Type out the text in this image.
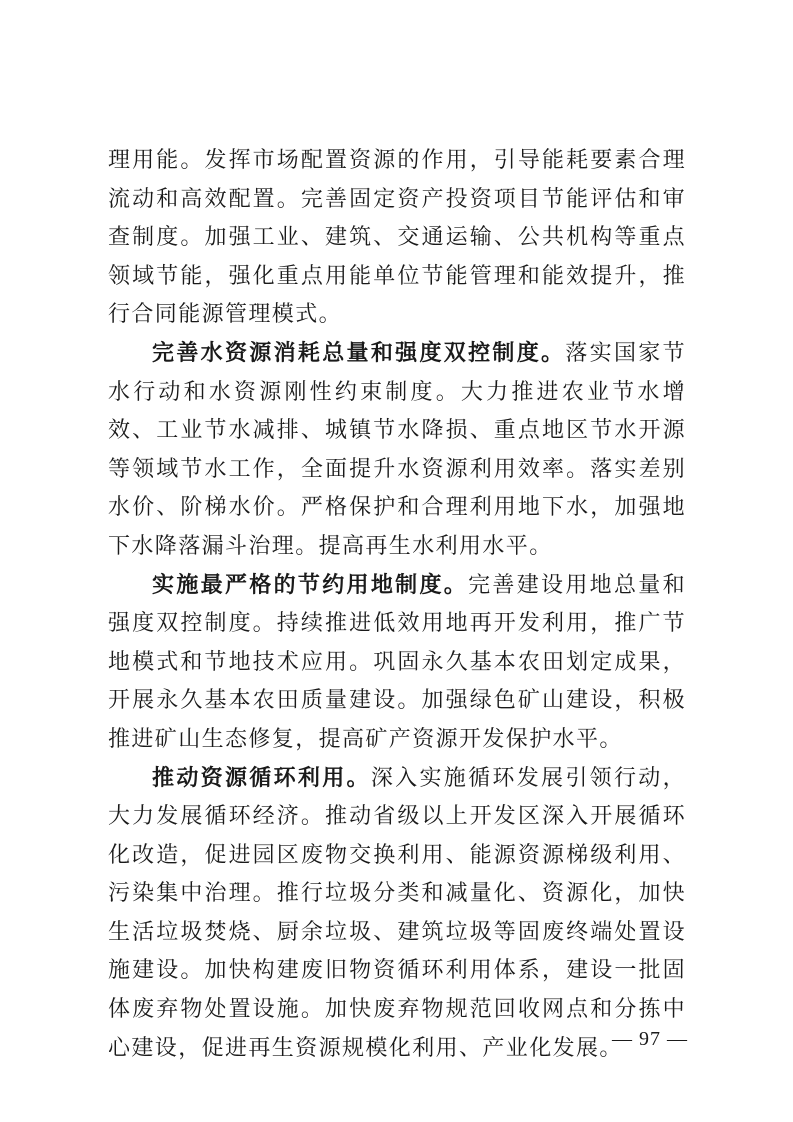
理用能。发挥市场配置资源的作用，引导能耗要素合理流动和高效配置。完善固定资产投资项目节能评估和审查制度。加强工业、建筑、交通运输、公共机构等重点领域节能，强化重点用能单位节能管理和能效提升，推行合同能源管理模式。

完善水资源消耗总量和强度双控制度。落实国家节水行动和水资源刚性约束制度。大力推进农业节水增效、工业节水减排、城镇节水降损、重点地区节水开源等领域节水工作，全面提升水资源利用效率。落实差别水价、阶梯水价。严格保护和合理利用地下水，加强地下水降落漏斗治理。提高再生水利用水平。

实施最严格的节约用地制度。完善建设用地总量和强度双控制度。持续推进低效用地再开发利用，推广节地模式和节地技术应用。巩固永久基本农田划定成果，开展永久基本农田质量建设。加强绿色矿山建设，积极推进矿山生态修复，提高矿产资源开发保护水平。

推动资源循环利用。深入实施循环发展引领行动，大力发展循环经济。推动省级以上开发区深入开展循环化改造，促进园区废物交换利用、能源资源梯级利用、污染集中治理。推行垃圾分类和减量化、资源化，加快生活垃圾焚烧、厨余垃圾、建筑垃圾等固废终端处置设施建设。加快构建废旧物资循环利用体系，建设一批固体废弃物处置设施。加快废弃物规范回收网点和分拣中心建设，促进再生资源规模化利用、产业化发展。

— 97 —
